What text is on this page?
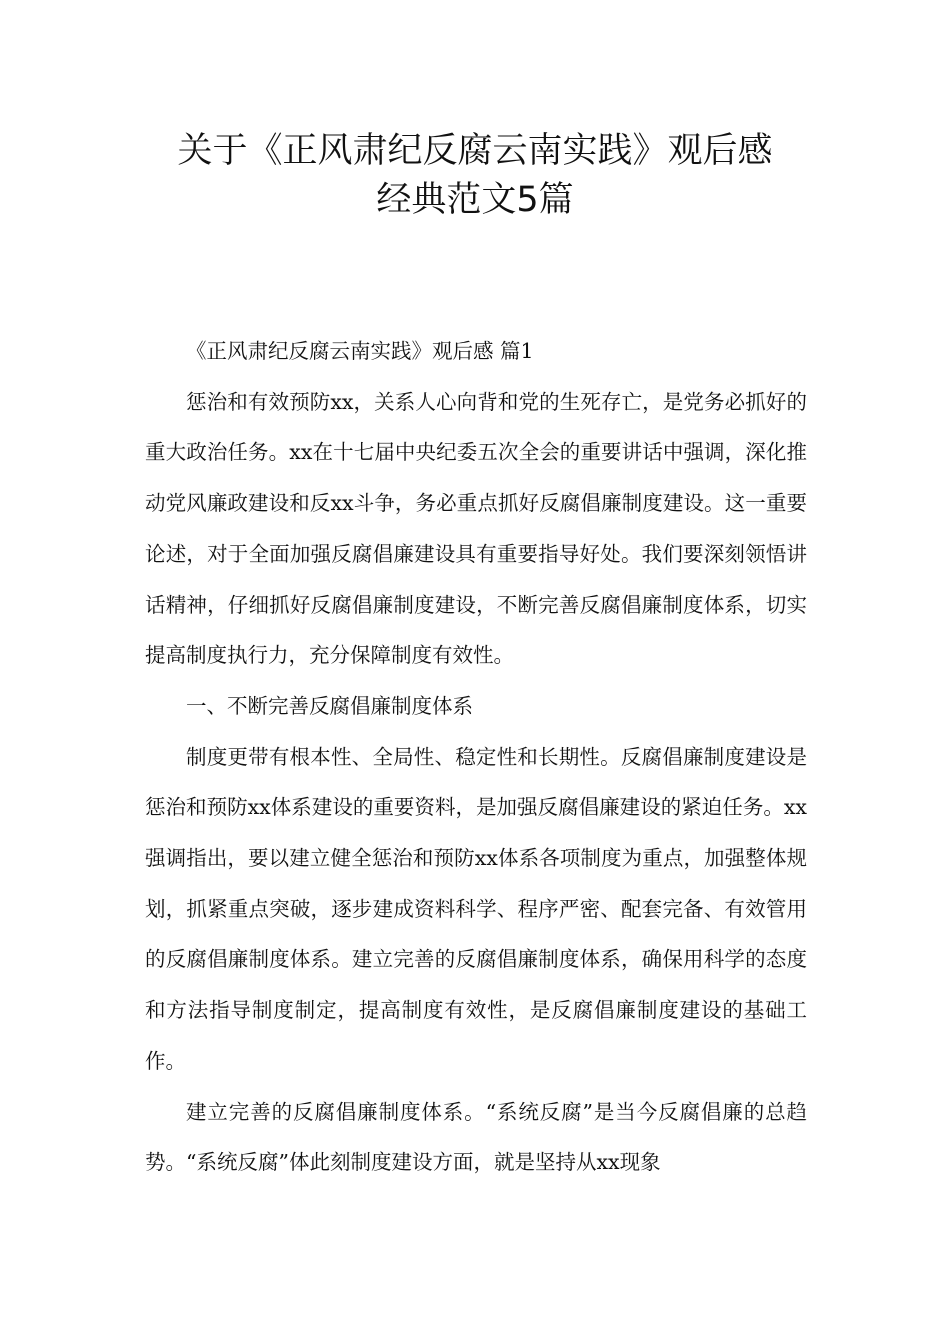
关于《正风肃纪反腐云南实践》观后感
经典范文5篇

《正风肃纪反腐云南实践》观后感 篇1

惩治和有效预防xx，关系人心向背和党的生死存亡，是党务必抓好的重大政治任务。xx在十七届中央纪委五次全会的重要讲话中强调，深化推动党风廉政建设和反xx斗争，务必重点抓好反腐倡廉制度建设。这一重要论述，对于全面加强反腐倡廉建设具有重要指导好处。我们要深刻领悟讲话精神，仔细抓好反腐倡廉制度建设，不断完善反腐倡廉制度体系，切实提高制度执行力，充分保障制度有效性。

一、不断完善反腐倡廉制度体系

制度更带有根本性、全局性、稳定性和长期性。反腐倡廉制度建设是惩治和预防xx体系建设的重要资料，是加强反腐倡廉建设的紧迫任务。xx强调指出，要以建立健全惩治和预防xx体系各项制度为重点，加强整体规划，抓紧重点突破，逐步建成资料科学、程序严密、配套完备、有效管用的反腐倡廉制度体系。建立完善的反腐倡廉制度体系，确保用科学的态度和方法指导制度制定，提高制度有效性，是反腐倡廉制度建设的基础工作。

建立完善的反腐倡廉制度体系。“系统反腐”是当今反腐倡廉的总趋势。“系统反腐”体此刻制度建设方面，就是坚持从xx现象
